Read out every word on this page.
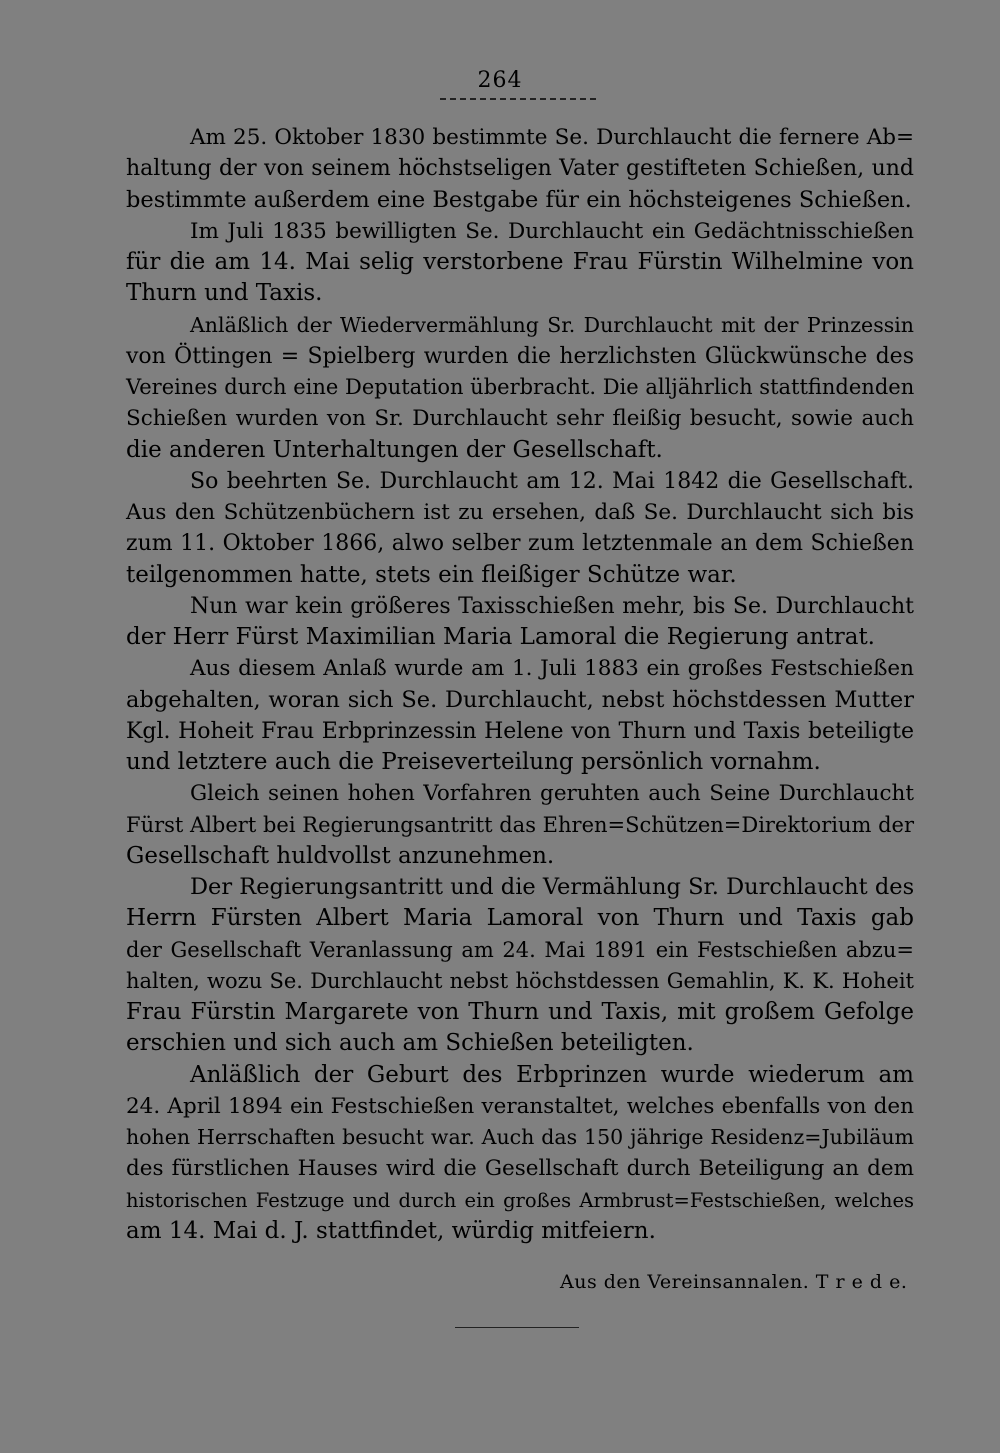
264
Am 25. Oktober 1830 bestimmte Se. Durchlaucht die fernere Ab=
haltung der von seinem höchstseligen Vater gestifteten Schießen, und
bestimmte außerdem eine Bestgabe für ein höchsteigenes Schießen.
Im Juli 1835 bewilligten Se. Durchlaucht ein Gedächtnisschießen
für die am 14. Mai selig verstorbene Frau Fürstin Wilhelmine von
Thurn und Taxis.
Anläßlich der Wiedervermählung Sr. Durchlaucht mit der Prinzessin
von Öttingen = Spielberg wurden die herzlichsten Glückwünsche des
Vereines durch eine Deputation überbracht. Die alljährlich stattfindenden
Schießen wurden von Sr. Durchlaucht sehr fleißig besucht, sowie auch
die anderen Unterhaltungen der Gesellschaft.
So beehrten Se. Durchlaucht am 12. Mai 1842 die Gesellschaft.
Aus den Schützenbüchern ist zu ersehen, daß Se. Durchlaucht sich bis
zum 11. Oktober 1866, alwo selber zum letztenmale an dem Schießen
teilgenommen hatte, stets ein fleißiger Schütze war.
Nun war kein größeres Taxisschießen mehr, bis Se. Durchlaucht
der Herr Fürst Maximilian Maria Lamoral die Regierung antrat.
Aus diesem Anlaß wurde am 1. Juli 1883 ein großes Festschießen
abgehalten, woran sich Se. Durchlaucht, nebst höchstdessen Mutter
Kgl. Hoheit Frau Erbprinzessin Helene von Thurn und Taxis beteiligte
und letztere auch die Preiseverteilung persönlich vornahm.
Gleich seinen hohen Vorfahren geruhten auch Seine Durchlaucht
Fürst Albert bei Regierungsantritt das Ehren=Schützen=Direktorium der
Gesellschaft huldvollst anzunehmen.
Der Regierungsantritt und die Vermählung Sr. Durchlaucht des
Herrn Fürsten Albert Maria Lamoral von Thurn und Taxis gab
der Gesellschaft Veranlassung am 24. Mai 1891 ein Festschießen abzu=
halten, wozu Se. Durchlaucht nebst höchstdessen Gemahlin, K. K. Hoheit
Frau Fürstin Margarete von Thurn und Taxis, mit großem Gefolge
erschien und sich auch am Schießen beteiligten.
Anläßlich der Geburt des Erbprinzen wurde wiederum am
24. April 1894 ein Festschießen veranstaltet, welches ebenfalls von den
hohen Herrschaften besucht war. Auch das 150 jährige Residenz=Jubiläum
des fürstlichen Hauses wird die Gesellschaft durch Beteiligung an dem
historischen Festzuge und durch ein großes Armbrust=Festschießen, welches
am 14. Mai d. J. stattfindet, würdig mitfeiern.
Aus den Vereinsannalen. T r e d e.
